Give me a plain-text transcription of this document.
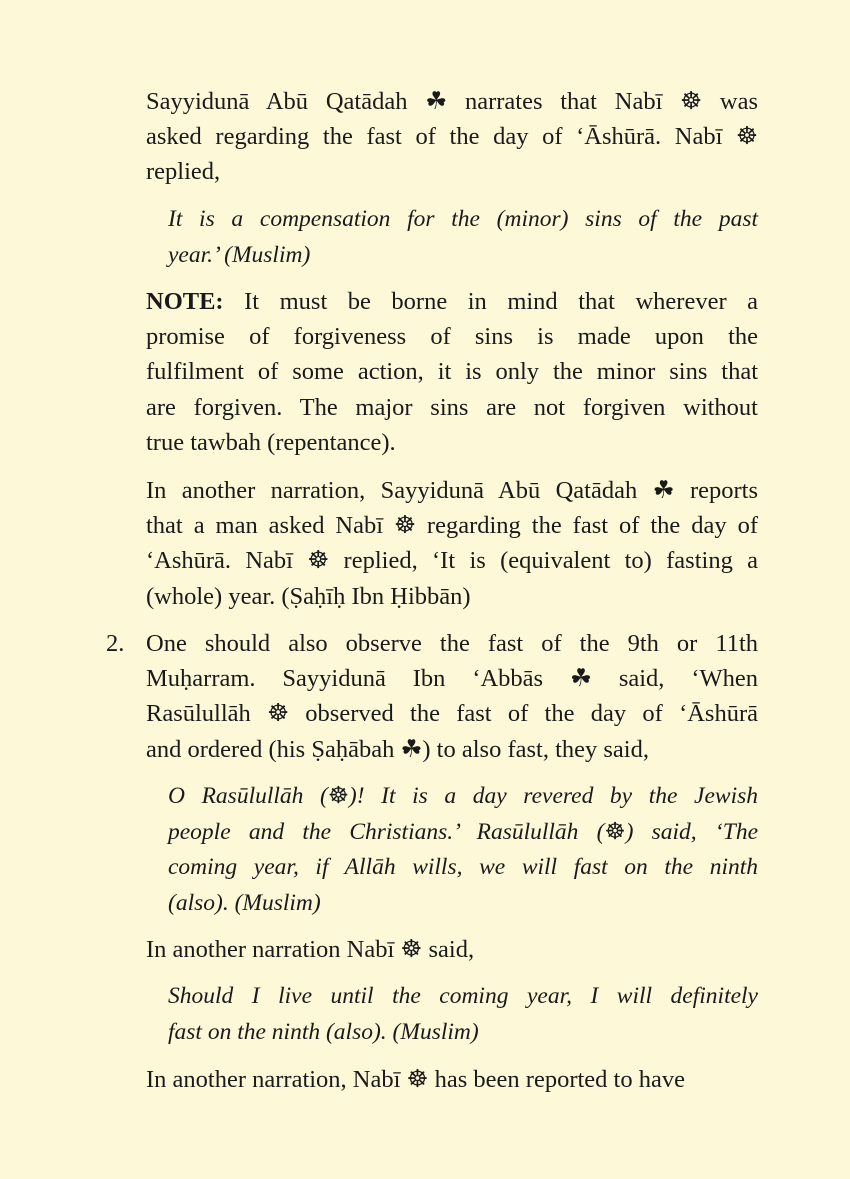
Sayyidunā Abū Qatādah ☘ narrates that Nabī ☸ was
asked regarding the fast of the day of ‘Āshūrā. Nabī ☸
replied,
It is a compensation for the (minor) sins of the past
year.’ (Muslim)
NOTE: It must be borne in mind that wherever a
promise of forgiveness of sins is made upon the
fulfilment of some action, it is only the minor sins that
are forgiven. The major sins are not forgiven without
true tawbah (repentance).
In another narration, Sayyidunā Abū Qatādah ☘ reports
that a man asked Nabī ☸ regarding the fast of the day of
‘Ashūrā. Nabī ☸ replied, ‘It is (equivalent to) fasting a
(whole) year. (Ṣaḥīḥ Ibn Ḥibbān)
2. One should also observe the fast of the 9th or 11th
Muḥarram. Sayyidunā Ibn ‘Abbās ☘ said, ‘When
Rasūlullāh ☸ observed the fast of the day of ‘Āshūrā
and ordered (his Ṣaḥābah ☘) to also fast, they said,
O Rasūlullāh (☸)! It is a day revered by the Jewish
people and the Christians.’ Rasūlullāh (☸) said, ‘The
coming year, if Allāh wills, we will fast on the ninth
(also). (Muslim)
In another narration Nabī ☸ said,
Should I live until the coming year, I will definitely
fast on the ninth (also). (Muslim)
In another narration, Nabī ☸ has been reported to have
